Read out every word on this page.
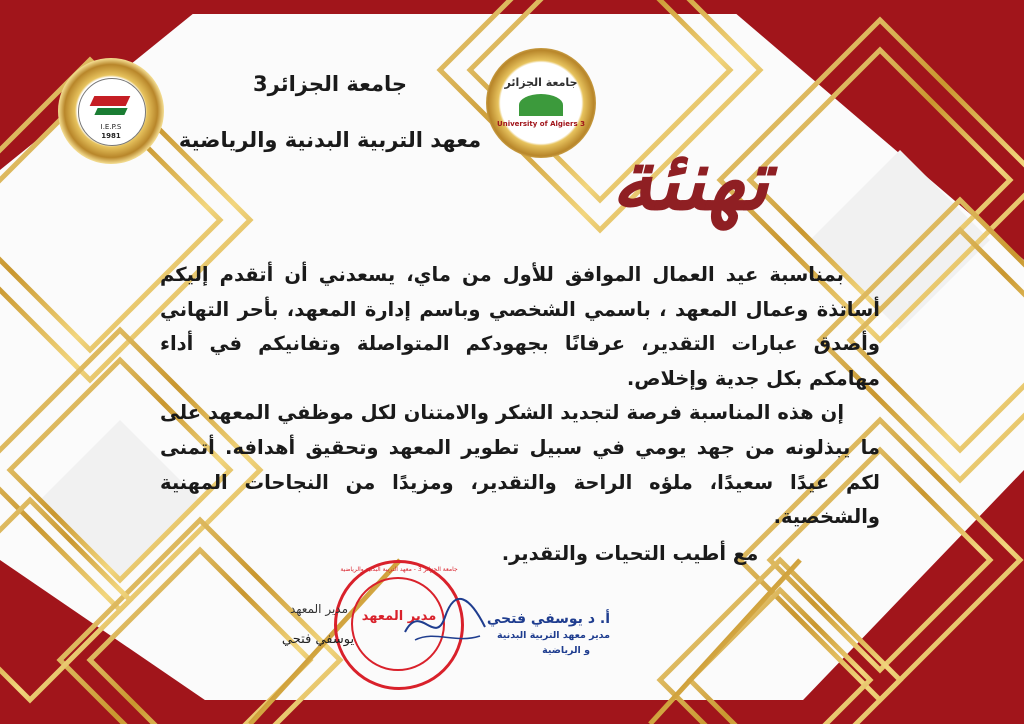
I.E.P.S
1981
جامعة الجزائر
University of Algiers 3
جامعة الجزائر3
معهد التربية البدنية والرياضية	تهنئة

بمناسبة عيد العمال الموافق للأول من ماي، يسعدني أن أتقدم إليكم أساتذة وعمال المعهد ، باسمي الشخصي وباسم إدارة المعهد، بأحر التهاني وأصدق عبارات التقدير، عرفانًا بجهودكم المتواصلة وتفانيكم في أداء مهامكم بكل جدية وإخلاص.

إن هذه المناسبة فرصة لتجديد الشكر والامتنان لكل موظفي المعهد على ما يبذلونه من جهد يومي في سبيل تطوير المعهد وتحقيق أهدافه. أتمنى لكم عيدًا سعيدًا، ملؤه الراحة والتقدير، ومزيدًا من النجاحات المهنية والشخصية.

مع أطيب التحيات والتقدير.
جامعة الجزائر 3 - معهد التربية البدنية والرياضية
مدير المعهد
مدير المعهد
يوسفي فتحي
أ. د يوسفي فتحي
مدير معهد التربية البدنية
و الرياضية
